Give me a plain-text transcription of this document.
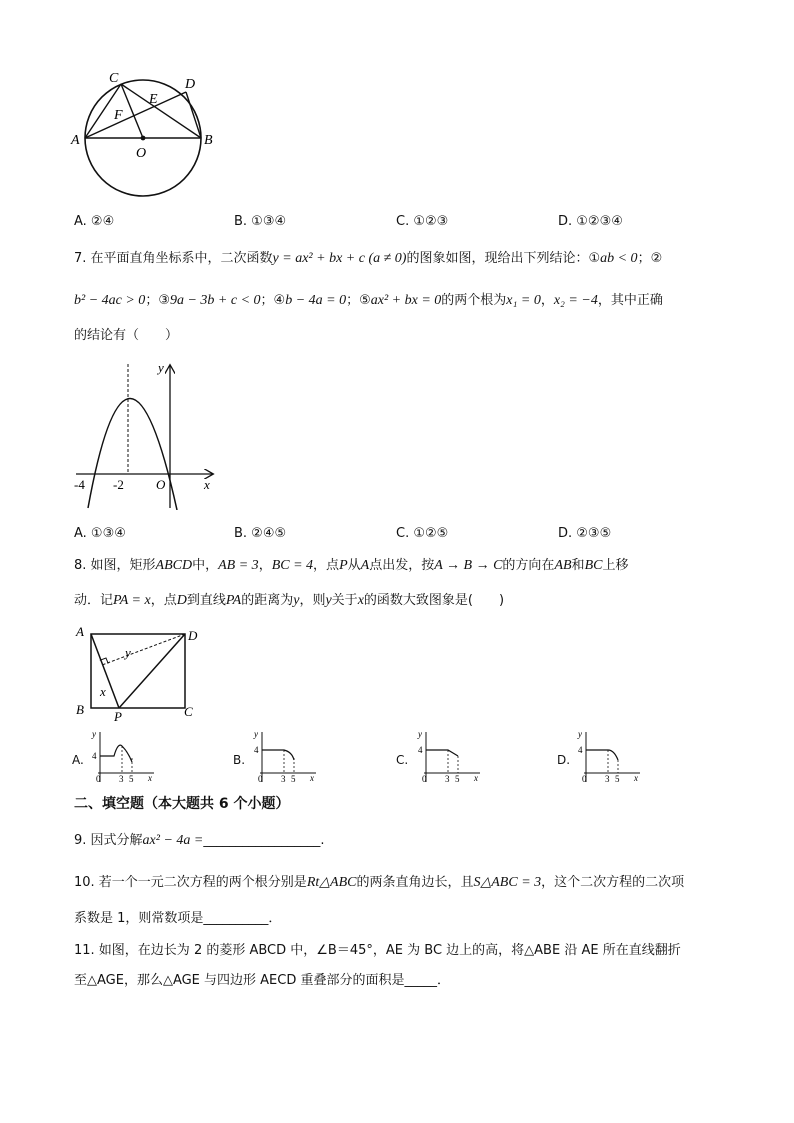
C	D
E
F
A
O
B
A. ②④	B. ①③④	C. ①②③	D. ①②③④
7. 在平面直角坐标系中，二次函数y = ax² + bx + c (a ≠ 0)的图象如图，现给出下列结论：①ab < 0；②
b² − 4ac > 0；③9a − 3b + c < 0；④b − 4a = 0；⑤ax² + bx = 0的两个根为x₁ = 0，x₂ = −4，其中正确
的结论有（　　）
y
x
-4 -2 O
A. ①③④	B. ②④⑤	C. ①②⑤	D. ②③⑤
8. 如图，矩形ABCD中，AB = 3，BC = 4，点P从A点出发，按A → B → C的方向在AB和BC上移
动．记PA = x，点D到直线PA的距离为y，则y关于x的函数大致图象是(　　)
A	D
B P	C
y
x
A.
y
4
0 3 5 x
B.
y
4
0 3 5 x
C.
y
4
0 3 5 x
D.
y
4
0 3 5 x
二、填空题（本大题共 6 个小题）
9. 因式分解ax² − 4a =__________________.
10. 若一个一元二次方程的两个根分别是Rt△ABC的两条直角边长，且S△ABC = 3，这个二次方程的二次项
系数是 1，则常数项是__________．
11. 如图，在边长为 2 的菱形 ABCD 中，∠B＝45°，AE 为 BC 边上的高，将△ABE 沿 AE 所在直线翻折
至△AGE，那么△AGE 与四边形 AECD 重叠部分的面积是_____．
